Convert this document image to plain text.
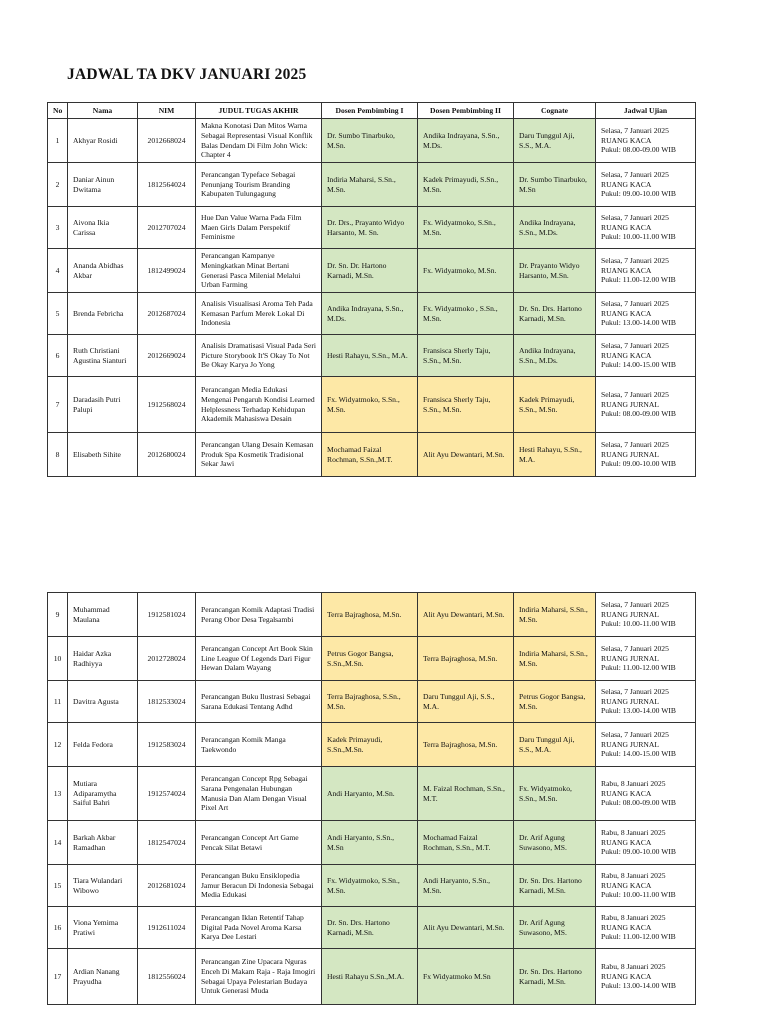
JADWAL TA DKV JANUARI 2025
No	Nama	NIM	JUDUL TUGAS AKHIR	Dosen Pembimbing I	Dosen Pembimbing II	Cognate	Jadwal Ujian
1	Akhyar Rosidi	2012668024	Makna Konotasi Dan Mitos Warna Sebagai Representasi Visual Konflik Balas Dendam Di Film John Wick: Chapter 4	Dr. Sumbo Tinarbuko, M.Sn.	Andika Indrayana, S.Sn., M.Ds.	Daru Tunggul Aji, S.S., M.A.	Selasa, 7 Januari 2025
RUANG KACA
Pukul: 08.00-09.00 WIB

2	Daniar Ainun Dwitama	1812564024	Perancangan Typeface Sebagai Penunjang Tourism Branding Kabupaten Tulungagung	Indiria Maharsi, S.Sn., M.Sn.	Kadek Primayudi, S.Sn., M.Sn.	Dr. Sumbo Tinarbuko, M.Sn	Selasa, 7 Januari 2025
RUANG KACA
Pukul: 09.00-10.00 WIB

3	Aivona Ikia Carissa	2012707024	Hue Dan Value Warna Pada Film Maen Girls Dalam Perspektif Feminisme	Dr. Drs., Prayanto Widyo Harsanto, M. Sn.	Fx. Widyatmoko, S.Sn., M.Sn.	Andika Indrayana, S.Sn., M.Ds.	Selasa, 7 Januari 2025
RUANG KACA
Pukul: 10.00-11.00 WIB

4	Ananda Abidhas Akbar	1812499024	Perancangan Kampanye Meningkatkan Minat Bertani Generasi Pasca Milenial Melalui Urban Farming	Dr. Sn. Dr. Hartono Karnadi, M.Sn.	Fx. Widyatmoko, M.Sn.	Dr. Prayanto Widyo Harsanto, M.Sn.	Selasa, 7 Januari 2025
RUANG KACA
Pukul: 11.00-12.00 WIB

5	Brenda Febricha	2012687024	Analisis Visualisasi Aroma Teh Pada Kemasan Parfum Merek Lokal Di Indonesia	Andika Indrayana, S.Sn., M.Ds.	Fx. Widyatmoko , S.Sn., M.Sn.	Dr. Sn. Drs. Hartono Karnadi, M.Sn.	Selasa, 7 Januari 2025
RUANG KACA
Pukul: 13.00-14.00 WIB

6	Ruth Christiani Agustina Sianturi	2012669024	Analisis Dramatisasi Visual Pada Seri Picture Storybook It'S Okay To Not Be Okay Karya Jo Yong	Hesti Rahayu, S.Sn., M.A.	Fransisca Sherly Taju, S.Sn., M.Sn.	Andika Indrayana, S.Sn., M.Ds.	Selasa, 7 Januari 2025
RUANG KACA
Pukul: 14.00-15.00 WIB

7	Daradasih Putri Palupi	1912568024	Perancangan Media Edukasi Mengenai Pengaruh Kondisi Learned Helplessness Terhadap Kehidupan Akademik Mahasiswa Desain	Fx. Widyatmoko, S.Sn., M.Sn.	Fransisca Sherly Taju, S.Sn., M.Sn.	Kadek Primayudi, S.Sn., M.Sn.	Selasa, 7 Januari 2025
RUANG JURNAL
Pukul: 08.00-09.00 WIB

8	Elisabeth Sihite	2012680024	Perancangan Ulang Desain Kemasan Produk Spa Kosmetik Tradisional Sekar Jawi	Mochamad Faizal Rochman, S.Sn.,M.T.	Alit Ayu Dewantari, M.Sn.	Hesti Rahayu, S.Sn., M.A.	Selasa, 7 Januari 2025
RUANG JURNAL
Pukul: 09.00-10.00 WIB
9	Muhammad Maulana	1912581024	Perancangan Komik Adaptasi Tradisi Perang Obor Desa Tegalsambi	Terra Bajraghosa, M.Sn.	Alit Ayu Dewantari, M.Sn.	Indiria Maharsi, S.Sn., M.Sn.	Selasa, 7 Januari 2025
RUANG JURNAL
Pukul: 10.00-11.00 WIB

10	Haidar Azka Radhiyya	2012728024	Perancangan Concept Art Book Skin Line League Of Legends Dari Figur Hewan Dalam Wayang	Petrus Gogor Bangsa, S.Sn.,M.Sn.	Terra Bajraghosa, M.Sn.	Indiria Maharsi, S.Sn., M.Sn.	Selasa, 7 Januari 2025
RUANG JURNAL
Pukul: 11.00-12.00 WIB

11	Davitra Agusta	1812533024	Perancangan Buku Ilustrasi Sebagai Sarana Edukasi Tentang Adhd	Terra Bajraghosa, S.Sn., M.Sn.	Daru Tunggul Aji, S.S., M.A.	Petrus Gogor Bangsa, M.Sn.	Selasa, 7 Januari 2025
RUANG JURNAL
Pukul: 13.00-14.00 WIB

12	Felda Fedora	1912583024	Perancangan Komik Manga Taekwondo	Kadek Primayudi, S.Sn.,M.Sn.	Terra Bajraghosa, M.Sn.	Daru Tunggul Aji, S.S., M.A.	Selasa, 7 Januari 2025
RUANG JURNAL
Pukul: 14.00-15.00 WIB

13	Mutiara Adiparamytha Saiful Bahri	1912574024	Perancangan Concept Rpg Sebagai Sarana Pengenalan Hubungan Manusia Dan Alam Dengan Visual Pixel Art	Andi Haryanto, M.Sn.	M. Faizal Rochman, S.Sn., M.T.	Fx. Widyatmoko, S.Sn., M.Sn.	Rabu, 8 Januari 2025
RUANG KACA
Pukul: 08.00-09.00 WIB

14	Barkah Akbar Ramadhan	1812547024	Perancangan Concept Art Game Pencak Silat Betawi	Andi Haryanto, S.Sn., M.Sn	Mochamad Faizal Rochman, S.Sn., M.T.	Dr. Arif Agung Suwasono, MS.	Rabu, 8 Januari 2025
RUANG KACA
Pukul: 09.00-10.00 WIB

15	Tiara Wulandari Wibowo	2012681024	Perancangan Buku Ensiklopedia Jamur Beracun Di Indonesia Sebagai Media Edukasi	Fx. Widyatmoko, S.Sn., M.Sn.	Andi Haryanto, S.Sn., M.Sn.	Dr. Sn. Drs. Hartono Karnadi, M.Sn.	Rabu, 8 Januari 2025
RUANG KACA
Pukul: 10.00-11.00 WIB

16	Viona Yemima Pratiwi	1912611024	Perancangan Iklan Retentif Tahap Digital Pada Novel Aroma Karsa Karya Dee Lestari	Dr. Sn. Drs. Hartono Karnadi, M.Sn.	Alit Ayu Dewantari, M.Sn.	Dr. Arif Agung Suwasono, MS.	Rabu, 8 Januari 2025
RUANG KACA
Pukul: 11.00-12.00 WIB

17	Ardian Nanang Prayudha	1812556024	Perancangan Zine Upacara Nguras Enceh Di Makam Raja - Raja Imogiri Sebagai Upaya Pelestarian Budaya Untuk Generasi Muda	Hesti Rahayu S.Sn.,M.A.	Fx Widyatmoko M.Sn	Dr. Sn. Drs. Hartono Karnadi, M.Sn.	Rabu, 8 Januari 2025
RUANG KACA
Pukul: 13.00-14.00 WIB
